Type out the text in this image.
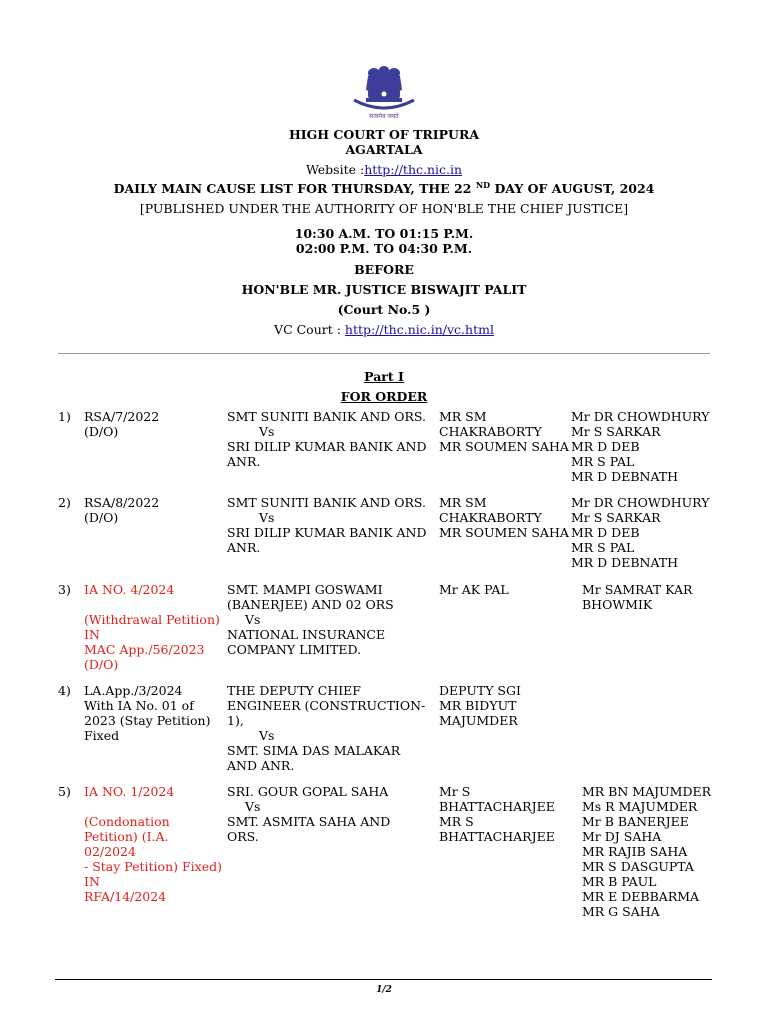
सत्यमेव जयते
HIGH COURT OF TRIPURA
AGARTALA
Website :http://thc.nic.in
DAILY MAIN CAUSE LIST FOR THURSDAY, THE 22 $^{ND}$ DAY OF AUGUST, 2024
[PUBLISHED UNDER THE AUTHORITY OF HON'BLE THE CHIEF JUSTICE]
10:30 A.M. TO 01:15 P.M.
02:00 P.M. TO 04:30 P.M.
BEFORE
HON'BLE MR. JUSTICE BISWAJIT PALIT
(Court No.5 )
VC Court : http://thc.nic.in/vc.html
Part I
FOR ORDER
1) RSA/7/2022
(D/O)
SMT SUNITI BANIK AND ORS.
Vs
SRI DILIP KUMAR BANIK AND
ANR.
MR SM
CHAKRABORTY
MR SOUMEN SAHA
Mr DR CHOWDHURY
Mr S SARKAR
MR D DEB
MR S PAL
MR D DEBNATH
2) RSA/8/2022
(D/O)
SMT SUNITI BANIK AND ORS.
Vs
SRI DILIP KUMAR BANIK AND
ANR.
MR SM
CHAKRABORTY
MR SOUMEN SAHA
Mr DR CHOWDHURY
Mr S SARKAR
MR D DEB
MR S PAL
MR D DEBNATH
3) IA NO. 4/2024
(Withdrawal Petition)
IN
MAC App./56/2023
(D/O)
SMT. MAMPI GOSWAMI
(BANERJEE) AND 02 ORS
Vs
NATIONAL INSURANCE
COMPANY LIMITED.
Mr AK PAL	Mr SAMRAT KAR
BHOWMIK
4) LA.App./3/2024
With IA No. 01 of
2023 (Stay Petition)
Fixed
THE DEPUTY CHIEF
ENGINEER (CONSTRUCTION-
1),
Vs
SMT. SIMA DAS MALAKAR
AND ANR.
DEPUTY SGI
MR BIDYUT
MAJUMDER
5) IA NO. 1/2024
(Condonation
Petition) (I.A. 02/2024
- Stay Petition) Fixed)
IN
RFA/14/2024
SRI. GOUR GOPAL SAHA
Vs
SMT. ASMITA SAHA AND
ORS.
Mr S
BHATTACHARJEE
MR S
BHATTACHARJEE
MR BN MAJUMDER
Ms R MAJUMDER
Mr B BANERJEE
Mr DJ SAHA
MR RAJIB SAHA
MR S DASGUPTA
MR B PAUL
MR E DEBBARMA
MR G SAHA
1/2
